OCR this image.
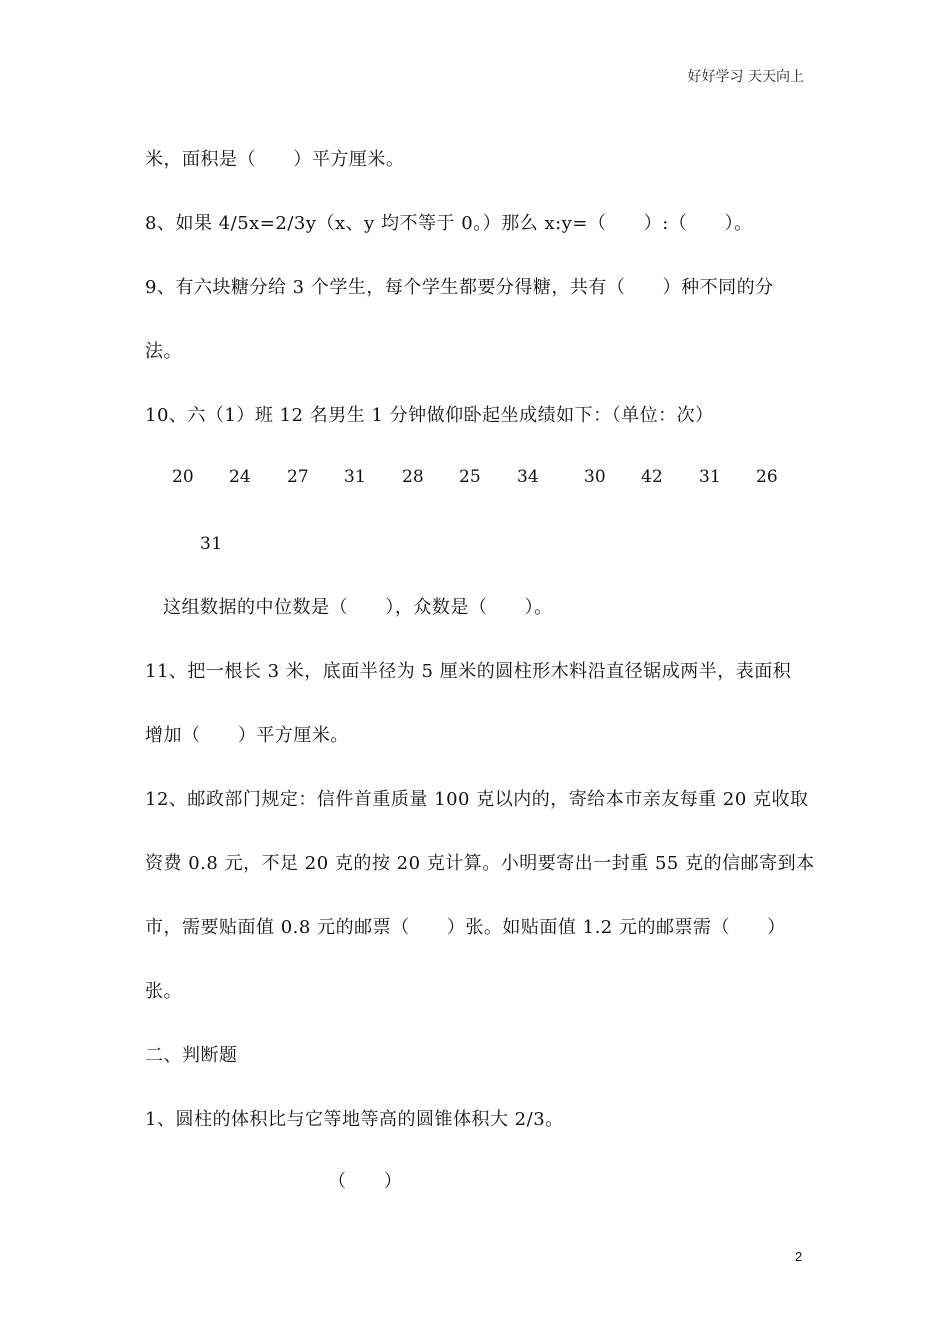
好好学习 天天向上
米，面积是（      ）平方厘米。
8、如果 4/5x=2/3y（x、y 均不等于 0。）那么 x:y=（      ）:（      ）。
9、有六块糖分给 3 个学生，每个学生都要分得糖，共有（      ）种不同的分
法。
10、六（1）班 12 名男生 1 分钟做仰卧起坐成绩如下：（单位：次）
20 24 27 31 28 25 34	30 42 31 26
31
这组数据的中位数是（      ），众数是（      ）。
11、把一根长 3 米，底面半径为 5 厘米的圆柱形木料沿直径锯成两半，表面积
增加（      ）平方厘米。
12、邮政部门规定：信件首重质量 100 克以内的，寄给本市亲友每重 20 克收取
资费 0.8 元，不足 20 克的按 20 克计算。小明要寄出一封重 55 克的信邮寄到本
市，需要贴面值 0.8 元的邮票（      ）张。如贴面值 1.2 元的邮票需（      ）
张。
二、判断题
1、圆柱的体积比与它等地等高的圆锥体积大 2/3。
（      ）
2
